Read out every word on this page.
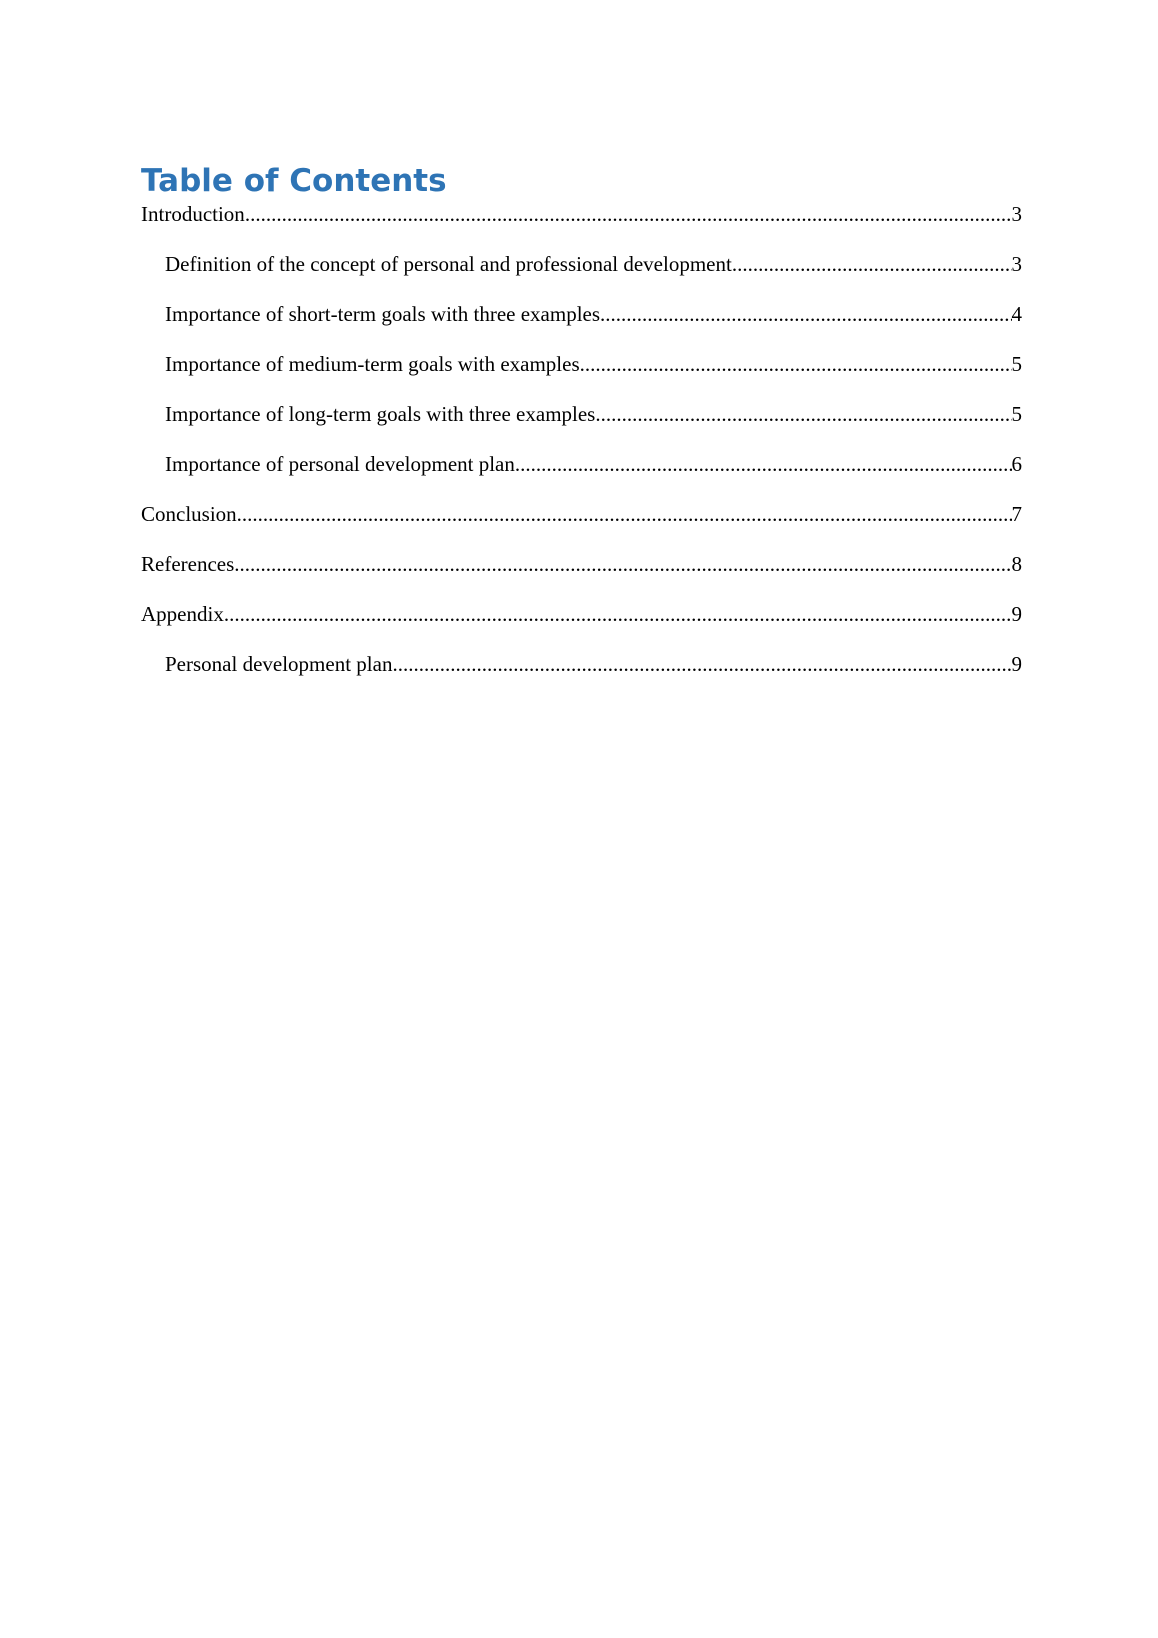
Table of Contents
Introduction .....	3
Definition of the concept of personal and professional development .....	3
Importance of short-term goals with three examples .....	4
Importance of medium-term goals with examples .....	5
Importance of long-term goals with three examples .....	5
Importance of personal development plan .....	6
Conclusion .....	7
References .....	8
Appendix .....	9
Personal development plan .....	9
